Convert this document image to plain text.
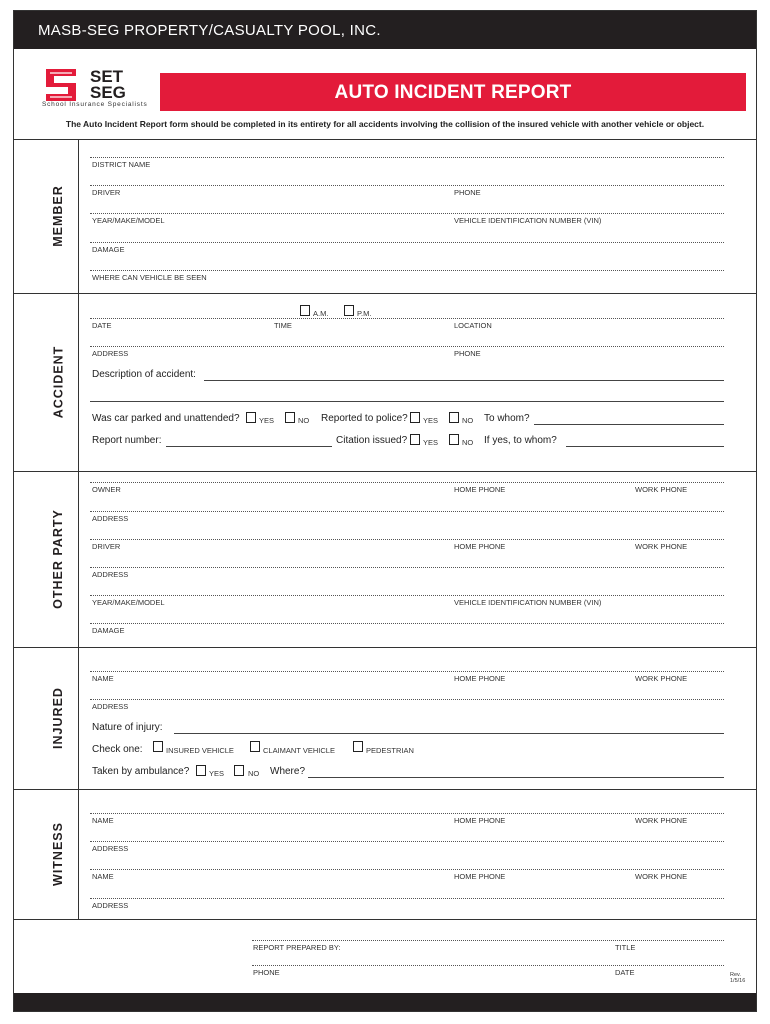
MASB-SEG PROPERTY/CASUALTY POOL, INC.
SET
SEG
School Insurance Specialists
AUTO INCIDENT REPORT
The Auto Incident Report form should be completed in its entirety for all accidents involving the collision of the insured vehicle with another vehicle or object.
MEMBER
ACCIDENT
OTHER PARTY
INJURED
WITNESS
DISTRICT NAME
DRIVER	PHONE
YEAR/MAKE/MODEL	VEHICLE IDENTIFICATION NUMBER (VIN)
DAMAGE
WHERE CAN VEHICLE BE SEEN
A.M.	P.M.
DATE	TIME	LOCATION
ADDRESS	PHONE
Description of accident:
Was car parked and unattended?	YES	NO Reported to police? YES	NO To whom?
Report number:	Citation issued? YES	NO If yes, to whom?
OWNER	HOME PHONE	WORK PHONE
ADDRESS
DRIVER	HOME PHONE	WORK PHONE
ADDRESS
YEAR/MAKE/MODEL	VEHICLE IDENTIFICATION NUMBER (VIN)
DAMAGE
NAME	HOME PHONE	WORK PHONE
ADDRESS
Nature of injury:
Check one:	INSURED VEHICLE	CLAIMANT VEHICLE	PEDESTRIAN
Taken by ambulance?	YES	NO Where?
NAME	HOME PHONE	WORK PHONE
ADDRESS
NAME	HOME PHONE	WORK PHONE
ADDRESS
REPORT PREPARED BY:	TITLE
PHONE	DATE	Rev. 1/5/16
